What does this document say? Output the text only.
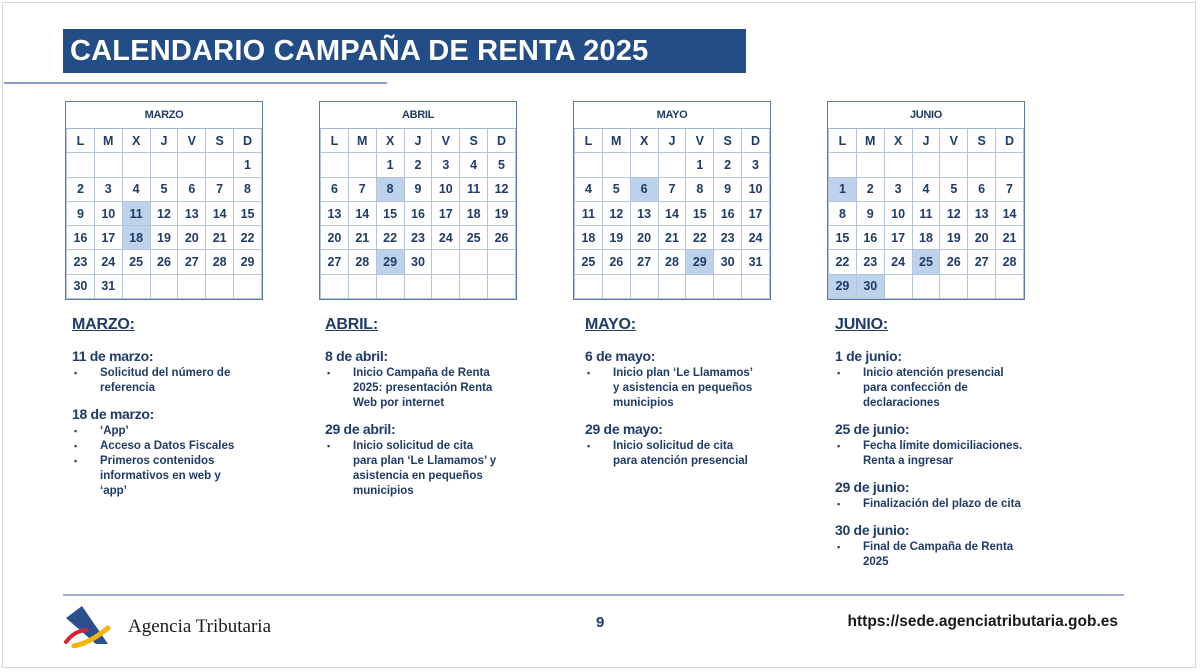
CALENDARIO CAMPAÑA DE RENTA 2025
MARZO						
L	M	X	J	V	S	D
						1
2	3	4	5	6	7	8
9	10	11	12	13	14	15
16	17	18	19	20	21	22
23	24	25	26	27	28	29
30	31					
ABRIL						
L	M	X	J	V	S	D
		1	2	3	4	5
6	7	8	9	10	11	12
13	14	15	16	17	18	19
20	21	22	23	24	25	26
27	28	29	30			

MAYO						
L	M	X	J	V	S	D
				1	2	3
4	5	6	7	8	9	10
11	12	13	14	15	16	17
18	19	20	21	22	23	24
25	26	27	28	29	30	31

JUNIO						
L	M	X	J	V	S	D

1	2	3	4	5	6	7
8	9	10	11	12	13	14
15	16	17	18	19	20	21
22	23	24	25	26	27	28
29	30					
MARZO:
11 de marzo:
▪ Solicitud del número de
referencia
18 de marzo:
▪ ‘App’
▪ Acceso a Datos Fiscales
▪ Primeros contenidos
informativos en web y
‘app’
ABRIL:
8 de abril:
▪ Inicio Campaña de Renta
2025: presentación Renta
Web por internet
29 de abril:
▪ Inicio solicitud de cita
para plan ‘Le Llamamos’ y
asistencia en pequeños
municipios
MAYO:
6 de mayo:
▪ Inicio plan ‘Le Llamamos’
y asistencia en pequeños
municipios
29 de mayo:
▪ Inicio solicitud de cita
para atención presencial
JUNIO:
1 de junio:
▪ Inicio atención presencial
para confección de
declaraciones
25 de junio:
▪ Fecha límite domiciliaciones.
Renta a ingresar
29 de junio:
▪ Finalización del plazo de cita
30 de junio:
▪ Final de Campaña de Renta
2025
Agencia Tributaria	9	https://sede.agenciatributaria.gob.es
